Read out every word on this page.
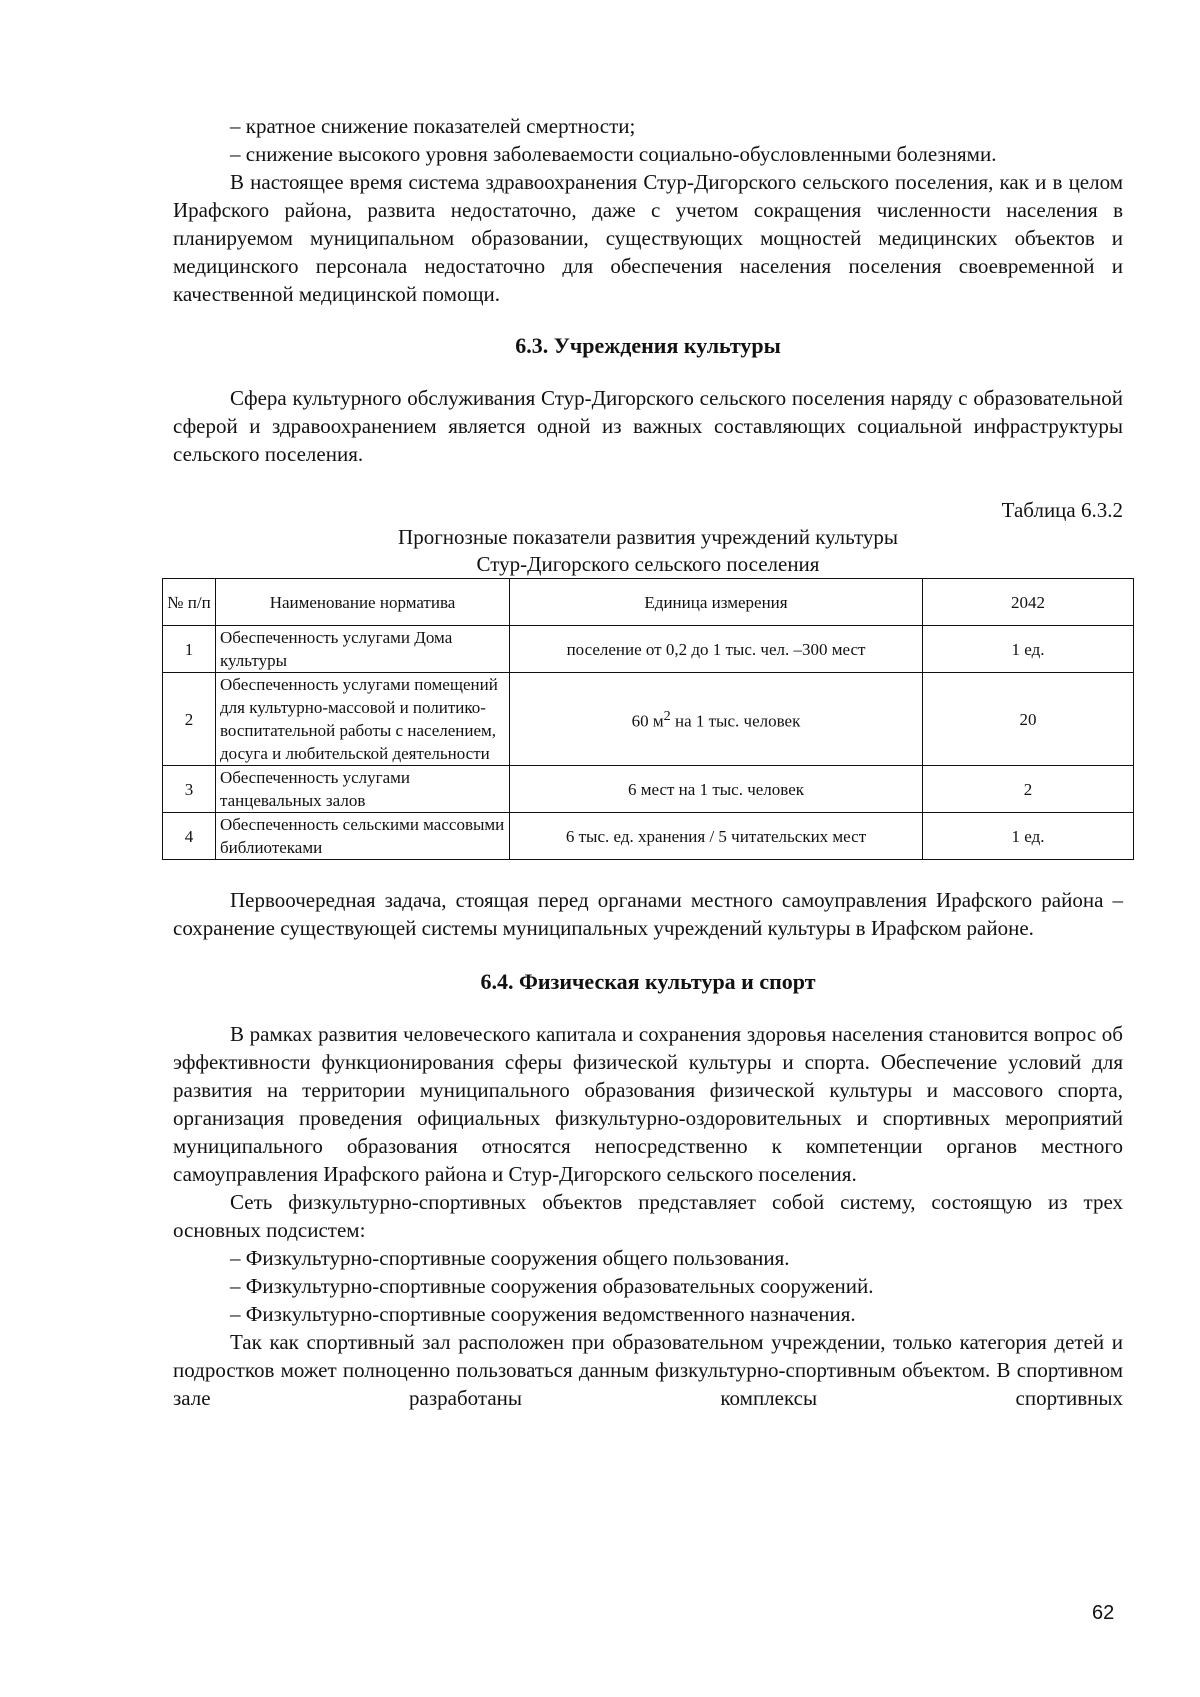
– кратное снижение показателей смертности;

– снижение высокого уровня заболеваемости социально-обусловленными болезнями.

В настоящее время система здравоохранения Стур-Дигорского сельского поселения, как и в целом Ирафского района, развита недостаточно, даже с учетом сокращения численности населения в планируемом муниципальном образовании, существующих мощностей медицинских объектов и медицинского персонала недостаточно для обеспечения населения поселения своевременной и качественной медицинской помощи.

6.3. Учреждения культуры

Сфера культурного обслуживания Стур-Дигорского сельского поселения наряду с образовательной сферой и здравоохранением является одной из важных составляющих социальной инфраструктуры сельского поселения.

Таблица 6.3.2
Прогнозные показатели развития учреждений культуры
Стур-Дигорского сельского поселения
№ п/п	Наименование норматива	Единица измерения	2042
1	Обеспеченность услугами Дома культуры	поселение от 0,2 до 1 тыс. чел. –300 мест	1 ед.
2	Обеспеченность услугами помещений для культурно-массовой и политико-воспитательной работы с населением, досуга и любительской деятельности	60 $м^2$ на 1 тыс. человек	20
3	Обеспеченность услугами танцевальных залов	6 мест на 1 тыс. человек	2
4	Обеспеченность сельскими массовыми библиотеками	6 тыс. ед. хранения / 5 читательских мест	1 ед.

Первоочередная задача, стоящая перед органами местного самоуправления Ирафского района – сохранение существующей системы муниципальных учреждений культуры в Ирафском районе.

6.4. Физическая культура и спорт

В рамках развития человеческого капитала и сохранения здоровья населения становится вопрос об эффективности функционирования сферы физической культуры и спорта. Обеспечение условий для развития на территории муниципального образования физической культуры и массового спорта, организация проведения официальных физкультурно-оздоровительных и спортивных мероприятий муниципального образования относятся непосредственно к компетенции органов местного самоуправления Ирафского района и Стур-Дигорского сельского поселения.

Сеть физкультурно-спортивных объектов представляет собой систему, состоящую из трех основных подсистем:

– Физкультурно-спортивные сооружения общего пользования.

– Физкультурно-спортивные сооружения образовательных сооружений.

– Физкультурно-спортивные сооружения ведомственного назначения.

Так как спортивный зал расположен при образовательном учреждении, только категория детей и подростков может полноценно пользоваться данным физкультурно-спортивным объектом. В спортивном зале разработаны комплексы спортивных

62
